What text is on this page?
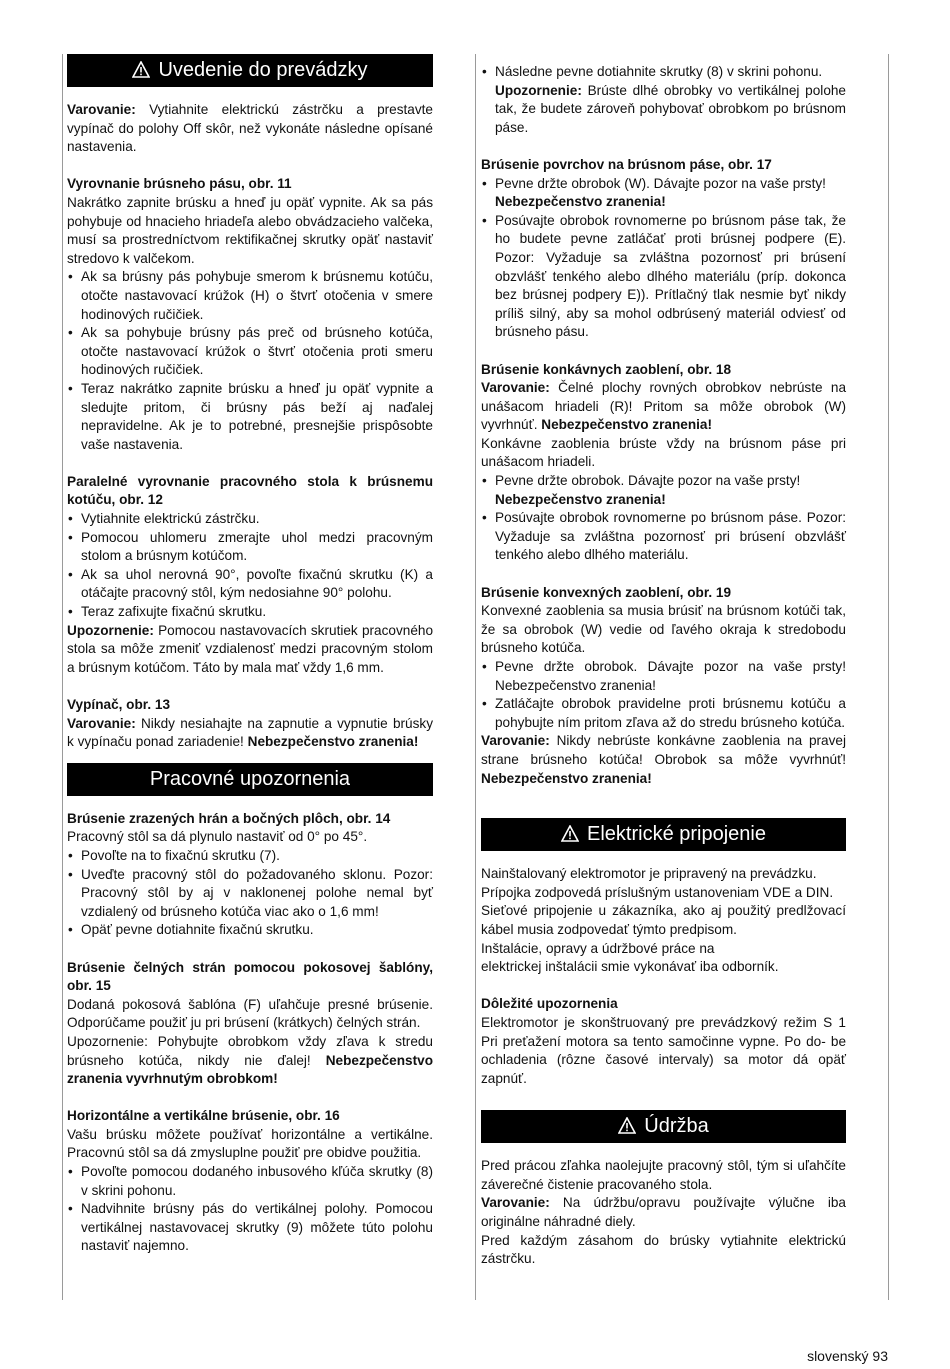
Uvedenie do prevádzky

Varovanie: Vytiahnite elektrickú zástrčku a prestavte vypínač do polohy Off skôr, než vykonáte následne opísané nastavenia.

Vyrovnanie brúsneho pásu, obr. 11

Nakrátko zapnite brúsku a hneď ju opäť vypnite. Ak sa pás pohybuje od hnacieho hriadeľa alebo obvádzacieho valčeka, musí sa prostredníctvom rektifikačnej skrutky opäť nastaviť stredovo k valčekom.

• Ak sa brúsny pás pohybuje smerom k brúsnemu kotúču, otočte nastavovací krúžok (H) o štvrť otočenia v smere hodinových ručičiek.
• Ak sa pohybuje brúsny pás preč od brúsneho kotúča, otočte nastavovací krúžok o štvrť otočenia proti smeru hodinových ručičiek.
• Teraz nakrátko zapnite brúsku a hneď ju opäť vypnite a sledujte pritom, či brúsny pás beží aj naďalej nepravidelne. Ak je to potrebné, presnejšie prispôsobte vaše nastavenia.

Paralelné vyrovnanie pracovného stola k brúsnemu kotúču, obr. 12

• Vytiahnite elektrickú zástrčku.
• Pomocou uhlomeru zmerajte uhol medzi pracovným stolom a brúsnym kotúčom.
• Ak sa uhol nerovná 90°, povoľte fixačnú skrutku (K) a otáčajte pracovný stôl, kým nedosiahne 90° polohu.
• Teraz zafixujte fixačnú skrutku.

Upozornenie: Pomocou nastavovacích skrutiek pracovného stola sa môže zmeniť vzdialenosť medzi pracovným stolom a brúsnym kotúčom. Táto by mala mať vždy 1,6 mm.

Vypínač, obr. 13

Varovanie: Nikdy nesiahajte na zapnutie a vypnutie brúsky k vypínaču ponad zariadenie! Nebezpečenstvo zranenia!

Pracovné upozornenia

Brúsenie zrazených hrán a bočných plôch, obr. 14

Pracovný stôl sa dá plynulo nastaviť od 0° po 45°.

• Povoľte na to fixačnú skrutku (7).
• Uveďte pracovný stôl do požadovaného sklonu. Pozor: Pracovný stôl by aj v naklonenej polohe nemal byť vzdialený od brúsneho kotúča viac ako o 1,6 mm!
• Opäť pevne dotiahnite fixačnú skrutku.

Brúsenie čelných strán pomocou pokosovej šablóny, obr. 15

Dodaná pokosová šablóna (F) uľahčuje presné brúsenie. Odporúčame použiť ju pri brúsení (krátkych) čelných strán.

Upozornenie: Pohybujte obrobkom vždy zľava k stredu brúsneho kotúča, nikdy nie ďalej! Nebezpečenstvo zranenia vyvrhnutým obrobkom!

Horizontálne a vertikálne brúsenie, obr. 16

Vašu brúsku môžete používať horizontálne a vertikálne. Pracovnú stôl sa dá zmysluplne použiť pre obidve použitia.

• Povoľte pomocou dodaného inbusového kľúča skrutky (8) v skrini pohonu.
• Nadvihnite brúsny pás do vertikálnej polohy. Pomocou vertikálnej nastavovacej skrutky (9) môžete túto polohu nastaviť najemno.
• Následne pevne dotiahnite skrutky (8) v skrini pohonu.

Upozornenie: Brúste dlhé obrobky vo vertikálnej polohe tak, že budete zároveň pohybovať obrobkom po brúsnom páse.

Brúsenie povrchov na brúsnom páse, obr. 17

• Pevne držte obrobok (W). Dávajte pozor na vaše prsty!
Nebezpečenstvo zranenia!
• Posúvajte obrobok rovnomerne po brúsnom páse tak, že ho budete pevne zatláčať proti brúsnej podpere (E). Pozor: Vyžaduje sa zvláštna pozornosť pri brúsení obzvlášť tenkého alebo dlhého materiálu (príp. dokonca bez brúsnej podpery E)). Prítlačný tlak nesmie byť nikdy príliš silný, aby sa mohol odbrúsený materiál odviesť od brúsneho pásu.

Brúsenie konkávnych zaoblení, obr. 18

Varovanie: Čelné plochy rovných obrobkov nebrúste na unášacom hriadeli (R)! Pritom sa môže obrobok (W) vyvrhnúť. Nebezpečenstvo zranenia!

Konkávne zaoblenia brúste vždy na brúsnom páse pri unášacom hriadeli.

• Pevne držte obrobok. Dávajte pozor na vaše prsty!
Nebezpečenstvo zranenia!
• Posúvajte obrobok rovnomerne po brúsnom páse. Pozor: Vyžaduje sa zvláštna pozornosť pri brúsení obzvlášť tenkého alebo dlhého materiálu.

Brúsenie konvexných zaoblení, obr. 19

Konvexné zaoblenia sa musia brúsiť na brúsnom kotúči tak, že sa obrobok (W) vedie od ľavého okraja k stredobodu brúsneho kotúča.

• Pevne držte obrobok. Dávajte pozor na vaše prsty! Nebezpečenstvo zranenia!
• Zatláčajte obrobok pravidelne proti brúsnemu kotúču a pohybujte ním pritom zľava až do stredu brúsneho kotúča.

Varovanie: Nikdy nebrúste konkávne zaoblenia na pravej strane brúsneho kotúča! Obrobok sa môže vyvrhnúť! Nebezpečenstvo zranenia!

Elektrické pripojenie

Nainštalovaný elektromotor je pripravený na prevádzku.

Prípojka zodpovedá príslušným ustanoveniam VDE a DIN.

Sieťové pripojenie u zákazníka, ako aj použitý predlžovací kábel musia zodpovedať týmto predpisom.

Inštalácie, opravy a údržbové práce na

elektrickej inštalácii smie vykonávať iba odborník.

Dôležité upozornenia

Elektromotor je skonštruovaný pre prevádzkový režim S 1 Pri preťažení motora sa tento samočinne vypne. Po do- be ochladenia (rôzne časové intervaly) sa motor dá opäť zapnúť.

Údržba

Pred prácou zľahka naolejujte pracovný stôl, tým si uľahčíte záverečné čistenie pracovaného stola.

Varovanie: Na údržbu/opravu používajte výlučne iba originálne náhradné diely.

Pred každým zásahom do brúsky vytiahnite elektrickú zástrčku.

slovenský 93
